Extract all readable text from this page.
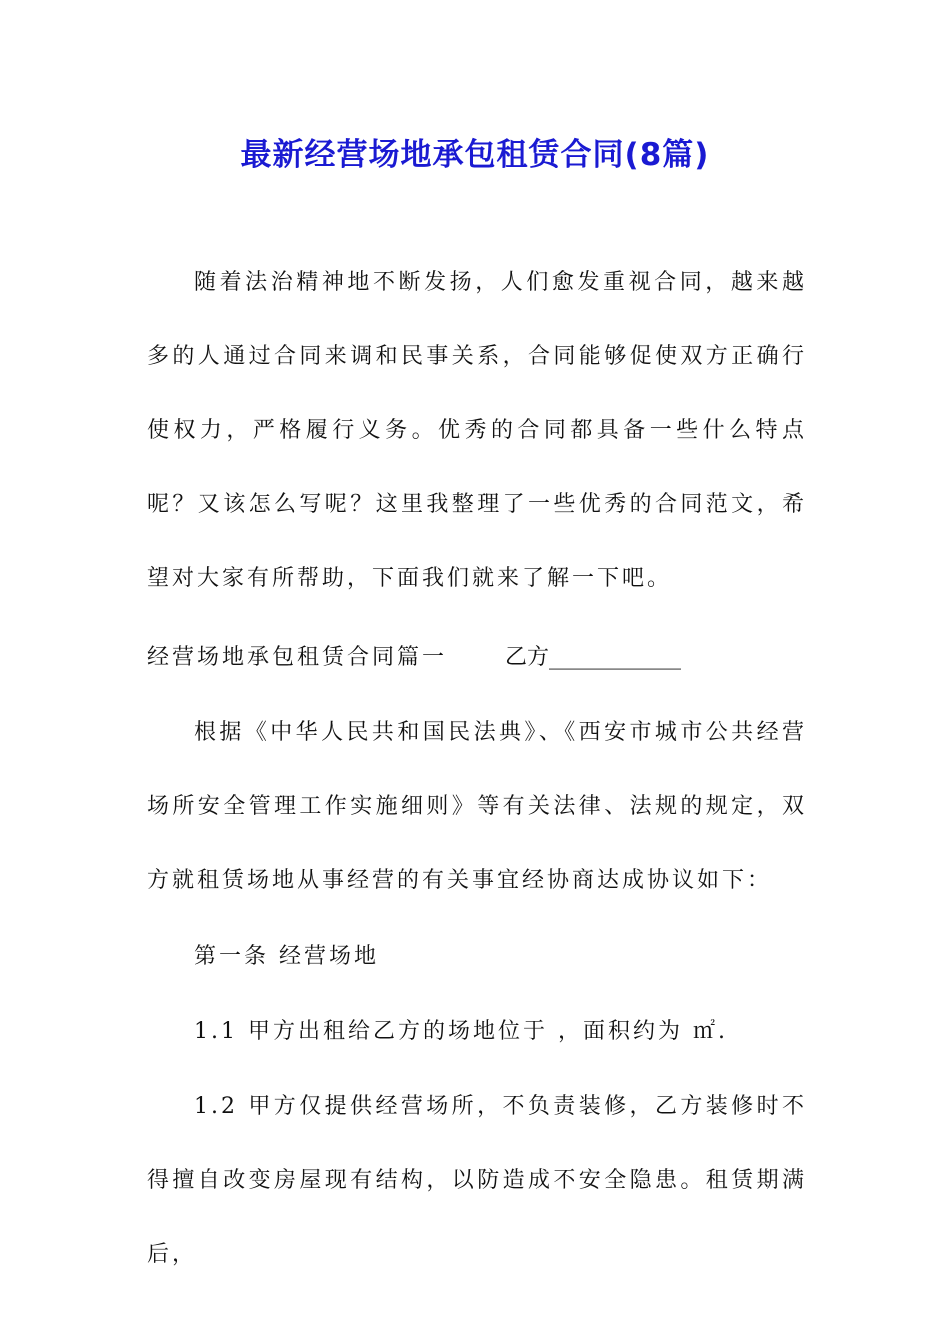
最新经营场地承包租赁合同(8篇)

随着法治精神地不断发扬，人们愈发重视合同，越来越多的人通过合同来调和民事关系，合同能够促使双方正确行使权力，严格履行义务。优秀的合同都具备一些什么特点呢？又该怎么写呢？这里我整理了一些优秀的合同范文，希望对大家有所帮助，下面我们就来了解一下吧。

经营场地承包租赁合同篇一	乙方____________

根据《中华人民共和国民法典》、《西安市城市公共经营场所安全管理工作实施细则》等有关法律、法规的规定，双方就租赁场地从事经营的有关事宜经协商达成协议如下：

第一条 经营场地

1.1 甲方出租给乙方的场地位于 ，面积约为 ㎡.

1.2 甲方仅提供经营场所，不负责装修，乙方装修时不得擅自改变房屋现有结构，以防造成不安全隐患。租赁期满后，
